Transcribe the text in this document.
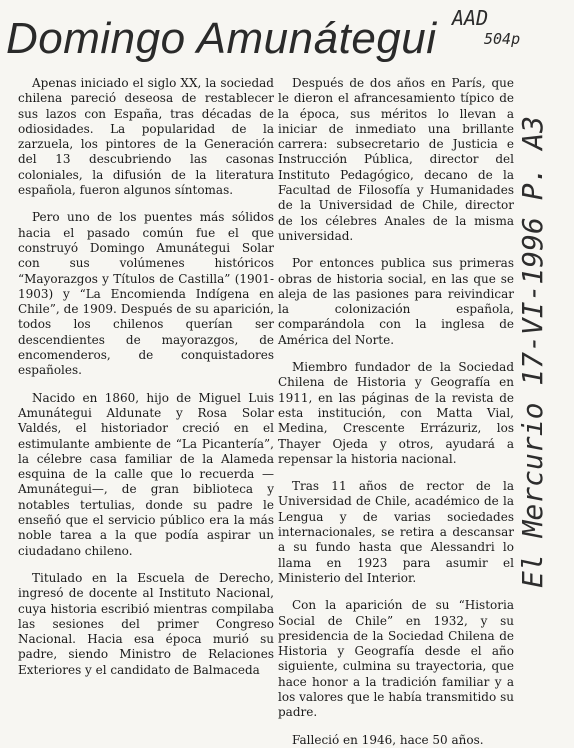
Domingo Amunátegui AAD
504p
El Mercurio 17-VI-1996 P. A3

Apenas iniciado el siglo XX, la sociedad chilena pareció deseosa de restablecer sus lazos con España, tras décadas de odiosidades. La popularidad de la zarzuela, los pintores de la Generación del 13 descubriendo las casonas coloniales, la difusión de la literatura española, fueron algunos síntomas.

Pero uno de los puentes más sólidos hacia el pasado común fue el que construyó Domingo Amunátegui Solar con sus volúmenes históricos “Mayorazgos y Títulos de Castilla” (1901-1903) y “La Encomienda Indígena en Chile”, de 1909. Después de su aparición, todos los chilenos querían ser descendientes de mayorazgos, de encomenderos, de conquistadores españoles.

Nacido en 1860, hijo de Miguel Luis Amunátegui Aldunate y Rosa Solar Valdés, el historiador creció en el estimulante ambiente de “La Picantería”, la célebre casa familiar de la Alameda esquina de la calle que lo recuerda —Amunátegui—, de gran biblioteca y notables tertulias, donde su padre le enseñó que el servicio público era la más noble tarea a la que podía aspirar un ciudadano chileno.

Titulado en la Escuela de Derecho, ingresó de docente al Instituto Nacional, cuya historia escribió mientras compilaba las sesiones del primer Congreso Nacional. Hacia esa época murió su padre, siendo Ministro de Relaciones Exteriores y el candidato de Balmaceda

Después de dos años en París, que le dieron el afrancesamiento típico de la época, sus méritos lo llevan a iniciar de inmediato una brillante carrera: subsecretario de Justicia e Instrucción Pública, director del Instituto Pedagógico, decano de la Facultad de Filosofía y Humanidades de la Universidad de Chile, director de los célebres Anales de la misma universidad.

Por entonces publica sus primeras obras de historia social, en las que se aleja de las pasiones para reivindicar la colonización española, comparándola con la inglesa de América del Norte.

Miembro fundador de la Sociedad Chilena de Historia y Geografía en 1911, en las páginas de la revista de esta institución, con Matta Vial, Medina, Crescente Errázuriz, los Thayer Ojeda y otros, ayudará a repensar la historia nacional.

Tras 11 años de rector de la Universidad de Chile, académico de la Lengua y de varias sociedades internacionales, se retira a descansar a su fundo hasta que Alessandri lo llama en 1923 para asumir el Ministerio del Interior.

Con la aparición de su “Historia Social de Chile” en 1932, y su presidencia de la Sociedad Chilena de Historia y Geografía desde el año siguiente, culmina su trayectoria, que hace honor a la tradición familiar y a los valores que le había transmitido su padre.

Falleció en 1946, hace 50 años.
